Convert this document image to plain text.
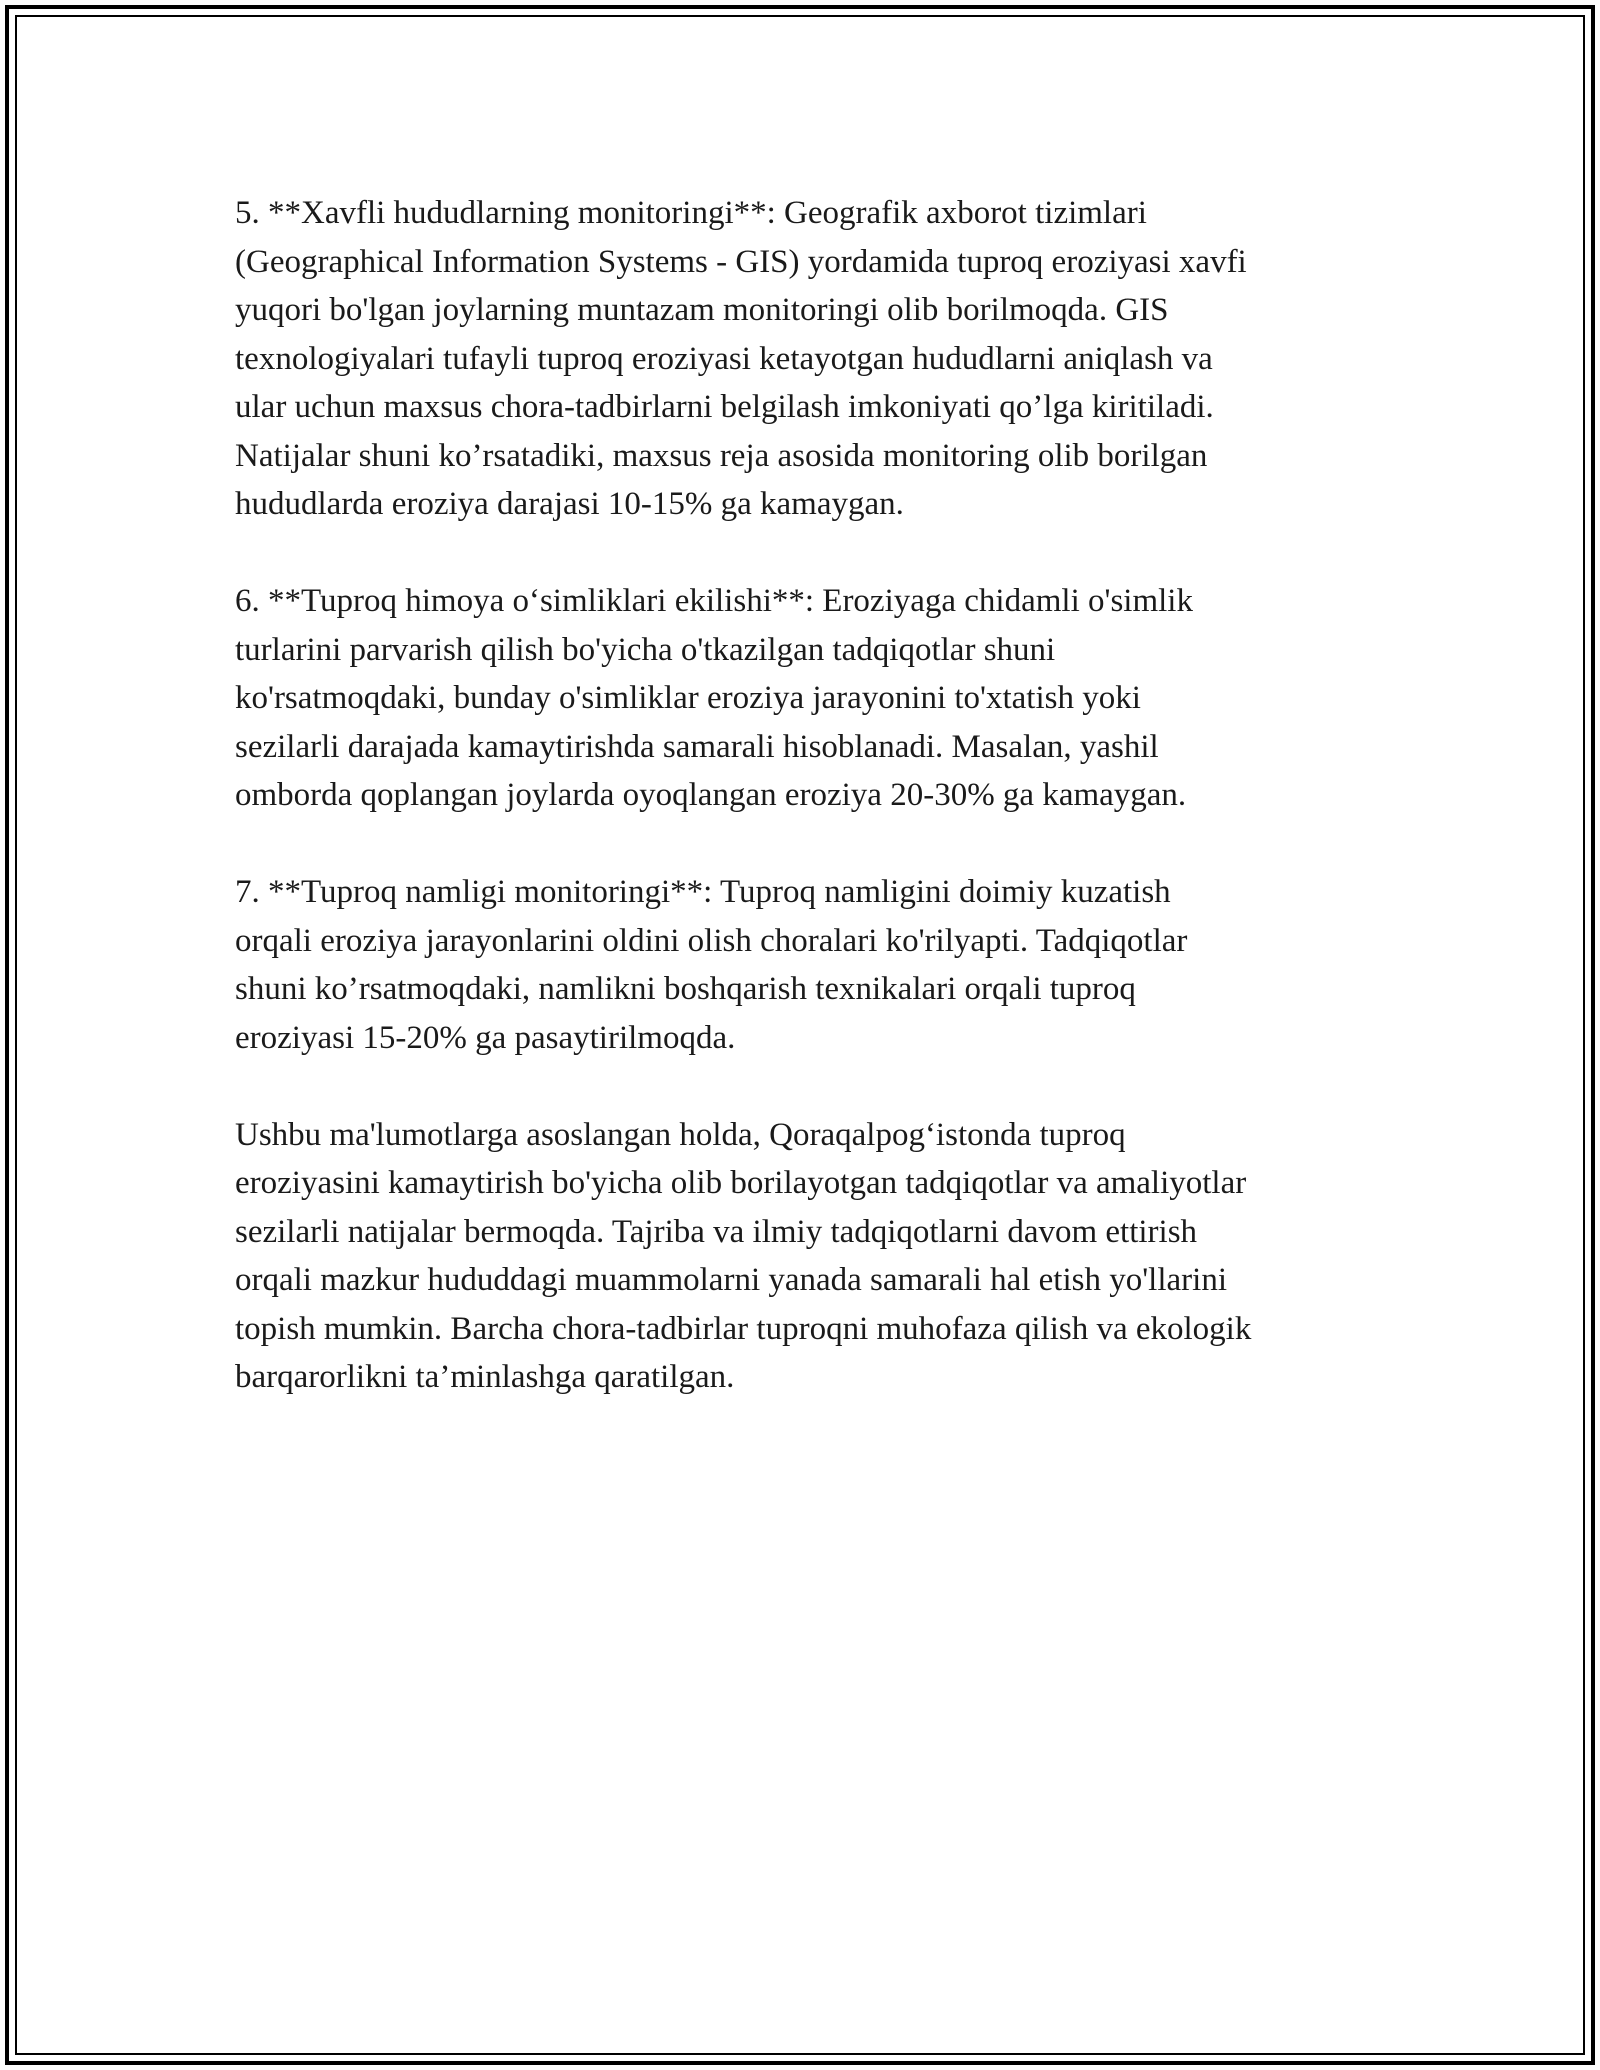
5. **Xavfli hududlarning monitoringi**: Geografik axborot tizimlari
(Geographical Information Systems - GIS) yordamida tuproq eroziyasi xavfi
yuqori bo'lgan joylarning muntazam monitoringi olib borilmoqda. GIS
texnologiyalari tufayli tuproq eroziyasi ketayotgan hududlarni aniqlash va
ular uchun maxsus chora-tadbirlarni belgilash imkoniyati qo’lga kiritiladi.
Natijalar shuni ko’rsatadiki, maxsus reja asosida monitoring olib borilgan
hududlarda eroziya darajasi 10-15% ga kamaygan.

6. **Tuproq himoya o‘simliklari ekilishi**: Eroziyaga chidamli o'simlik
turlarini parvarish qilish bo'yicha o'tkazilgan tadqiqotlar shuni
ko'rsatmoqdaki, bunday o'simliklar eroziya jarayonini to'xtatish yoki
sezilarli darajada kamaytirishda samarali hisoblanadi. Masalan, yashil
omborda qoplangan joylarda oyoqlangan eroziya 20-30% ga kamaygan.

7. **Tuproq namligi monitoringi**: Tuproq namligini doimiy kuzatish
orqali eroziya jarayonlarini oldini olish choralari ko'rilyapti. Tadqiqotlar
shuni ko’rsatmoqdaki, namlikni boshqarish texnikalari orqali tuproq
eroziyasi 15-20% ga pasaytirilmoqda.

Ushbu ma'lumotlarga asoslangan holda, Qoraqalpog‘istonda tuproq
eroziyasini kamaytirish bo'yicha olib borilayotgan tadqiqotlar va amaliyotlar
sezilarli natijalar bermoqda. Tajriba va ilmiy tadqiqotlarni davom ettirish
orqali mazkur hududdagi muammolarni yanada samarali hal etish yo'llarini
topish mumkin. Barcha chora-tadbirlar tuproqni muhofaza qilish va ekologik
barqarorlikni ta’minlashga qaratilgan.
